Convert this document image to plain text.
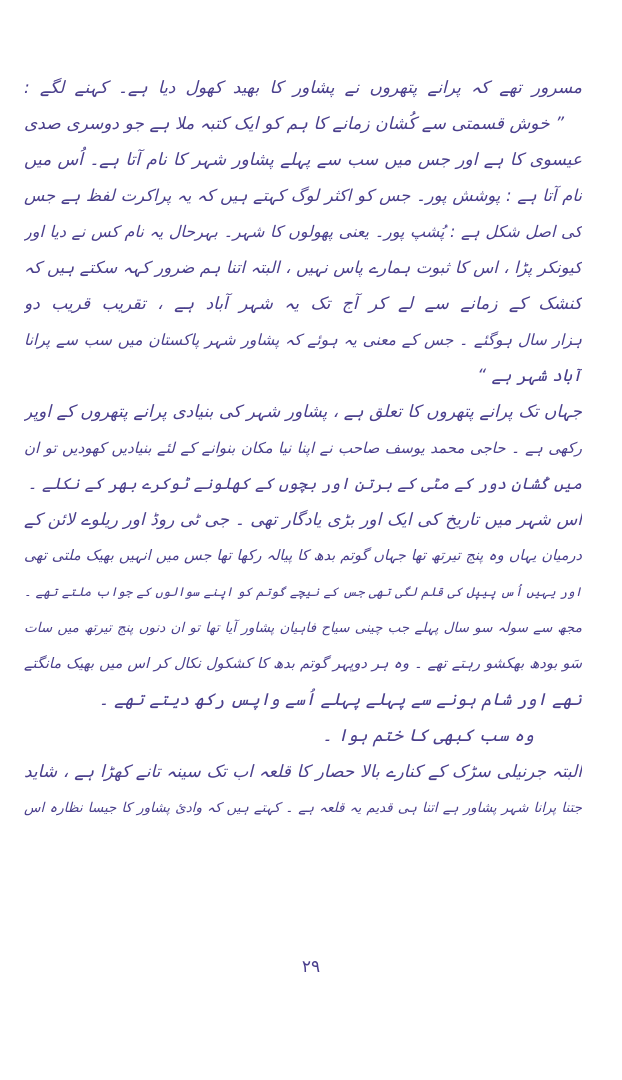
مسرور تھے کہ پرانے پتھروں نے پشاور کا بھید کھول دیا ہے۔ کہنے لگے :
” خوش قسمتی سے کُشان زمانے کا ہم کو ایک کتبہ ملا ہے جو دوسری صدی
عیسوی کا ہے اور جس میں سب سے پہلے پشاور شہر کا نام آتا ہے۔ اُس میں
نام آتا ہے : پوشش پور۔ جس کو اکثر لوگ کہتے ہیں کہ یہ پراکرت لفظ ہے جس
کی اصل شکل ہے : پُشپ پور۔ یعنی پھولوں کا شہر۔ بہرحال یہ نام کس نے دیا اور
کیونکر پڑا ، اس کا ثبوت ہمارے پاس نہیں ، البتہ اتنا ہم ضرور کہہ سکتے ہیں کہ
کنشک کے زمانے سے لے کر آج تک یہ شہر آباد ہے ، تقریب قریب دو
ہزار سال ہوگئے ۔ جس کے معنی یہ ہوئے کہ پشاور شہر پاکستان میں سب سے پرانا
آباد شہر ہے “
جہاں تک پرانے پتھروں کا تعلق ہے ، پشاور شہر کی بنیادی پرانے پتھروں کے اوپر
رکھی ہے ۔ حاجی محمد یوسف صاحب نے اپنا نیا مکان بنوانے کے لئے بنیادیں کھودیں تو ان
میں کُشان دور کے مٹی کے برتن اور بچوں کے کھلونے ٹوکرے بھر کے نکلے ۔
اس شہر میں تاریخ کی ایک اور بڑی یادگار تھی ۔ جی ٹی روڈ اور ریلوے لائن کے
درمیان یہاں وہ پنج تیرتھ تھا جہاں گوتم بدھ کا پیالہ رکھا تھا جس میں انہیں بھیک ملتی تھی
اور یہیں اُس پیپل کی قلم لگی تھی جس کے نیچے گوتم کو اپنے سوالوں کے جواب ملتے تھے ۔
مجھ سے سولہ سو سال پہلے جب چینی سیاح فاہیان پشاور آیا تھا تو ان دنوں پنج تیرتھ میں سات
سَو بودھ بھکشو رہتے تھے ۔ وہ ہر دوپہر گوتم بدھ کا کشکول نکال کر اس میں بھیک مانگتے
تھے اور شام ہونے سے پہلے پہلے اُسے واپس رکھ دیتے تھے ۔
وہ سب کبھی کا ختم ہوا ۔
البتہ جرنیلی سڑک کے کنارے بالا حصار کا قلعہ اب تک سینہ تانے کھڑا ہے ، شاید
جتنا پرانا شہر پشاور ہے اتنا ہی قدیم یہ قلعہ ہے ۔ کہتے ہیں کہ وادیٔ پشاور کا جیسا نظارہ اس
۲۹
